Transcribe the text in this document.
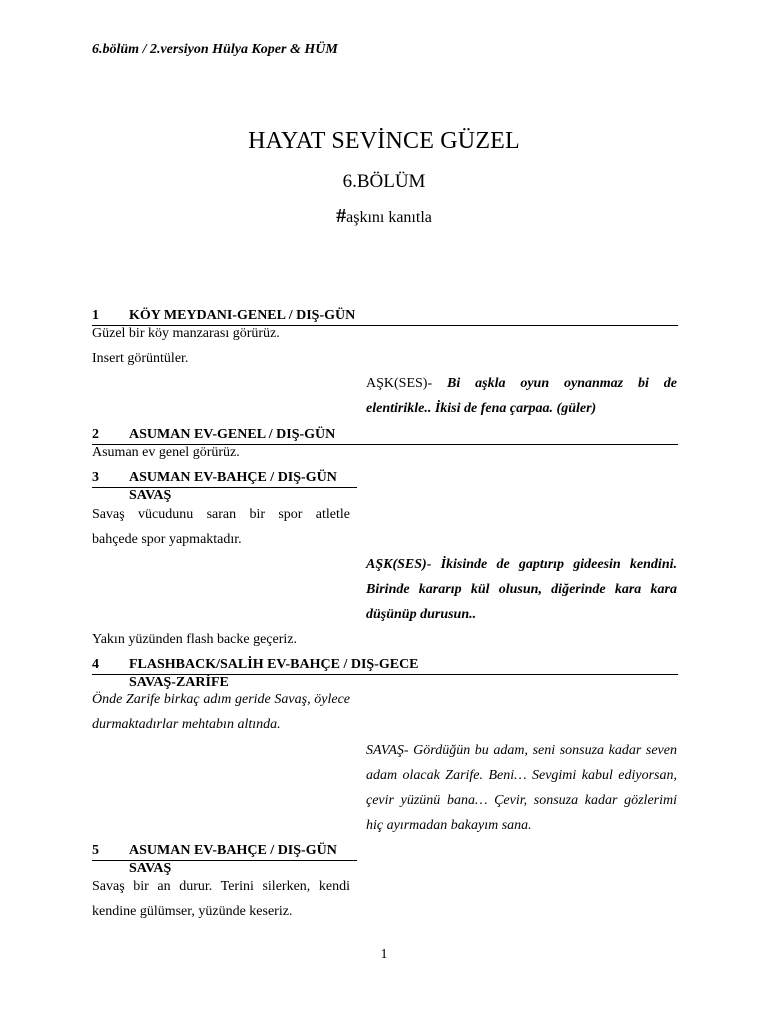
6.bölüm / 2.versiyon Hülya Koper & HÜM
HAYAT SEVİNCE GÜZEL
6.BÖLÜM
#aşkını kanıtla
1 KÖY MEYDANI-GENEL / DIŞ-GÜN
Güzel bir köy manzarası görürüz.
Insert görüntüler.
AŞK(SES)- Bi aşkla oyun oynanmaz bi de elentirikle.. İkisi de fena çarpaa. (güler)
2 ASUMAN EV-GENEL / DIŞ-GÜN
Asuman ev genel görürüz.
3 ASUMAN EV-BAHÇE / DIŞ-GÜN
SAVAŞ
Savaş vücudunu saran bir spor atletle bahçede spor yapmaktadır.
AŞK(SES)- İkisinde de gaptırıp gideesin kendini. Birinde kararıp kül olusun, diğerinde kara kara düşünüp durusun..
Yakın yüzünden flash backe geçeriz.
4 FLASHBACK/SALİH EV-BAHÇE / DIŞ-GECE
SAVAŞ-ZARİFE
Önde Zarife birkaç adım geride Savaş, öylece durmaktadırlar mehtabın altında.
SAVAŞ- Gördüğün bu adam, seni sonsuza kadar seven adam olacak Zarife. Beni… Sevgimi kabul ediyorsan, çevir yüzünü bana… Çevir, sonsuza kadar gözlerimi hiç ayırmadan bakayım sana.
5 ASUMAN EV-BAHÇE / DIŞ-GÜN
SAVAŞ
Savaş bir an durur. Terini silerken, kendi kendine gülümser, yüzünde keseriz.
1
